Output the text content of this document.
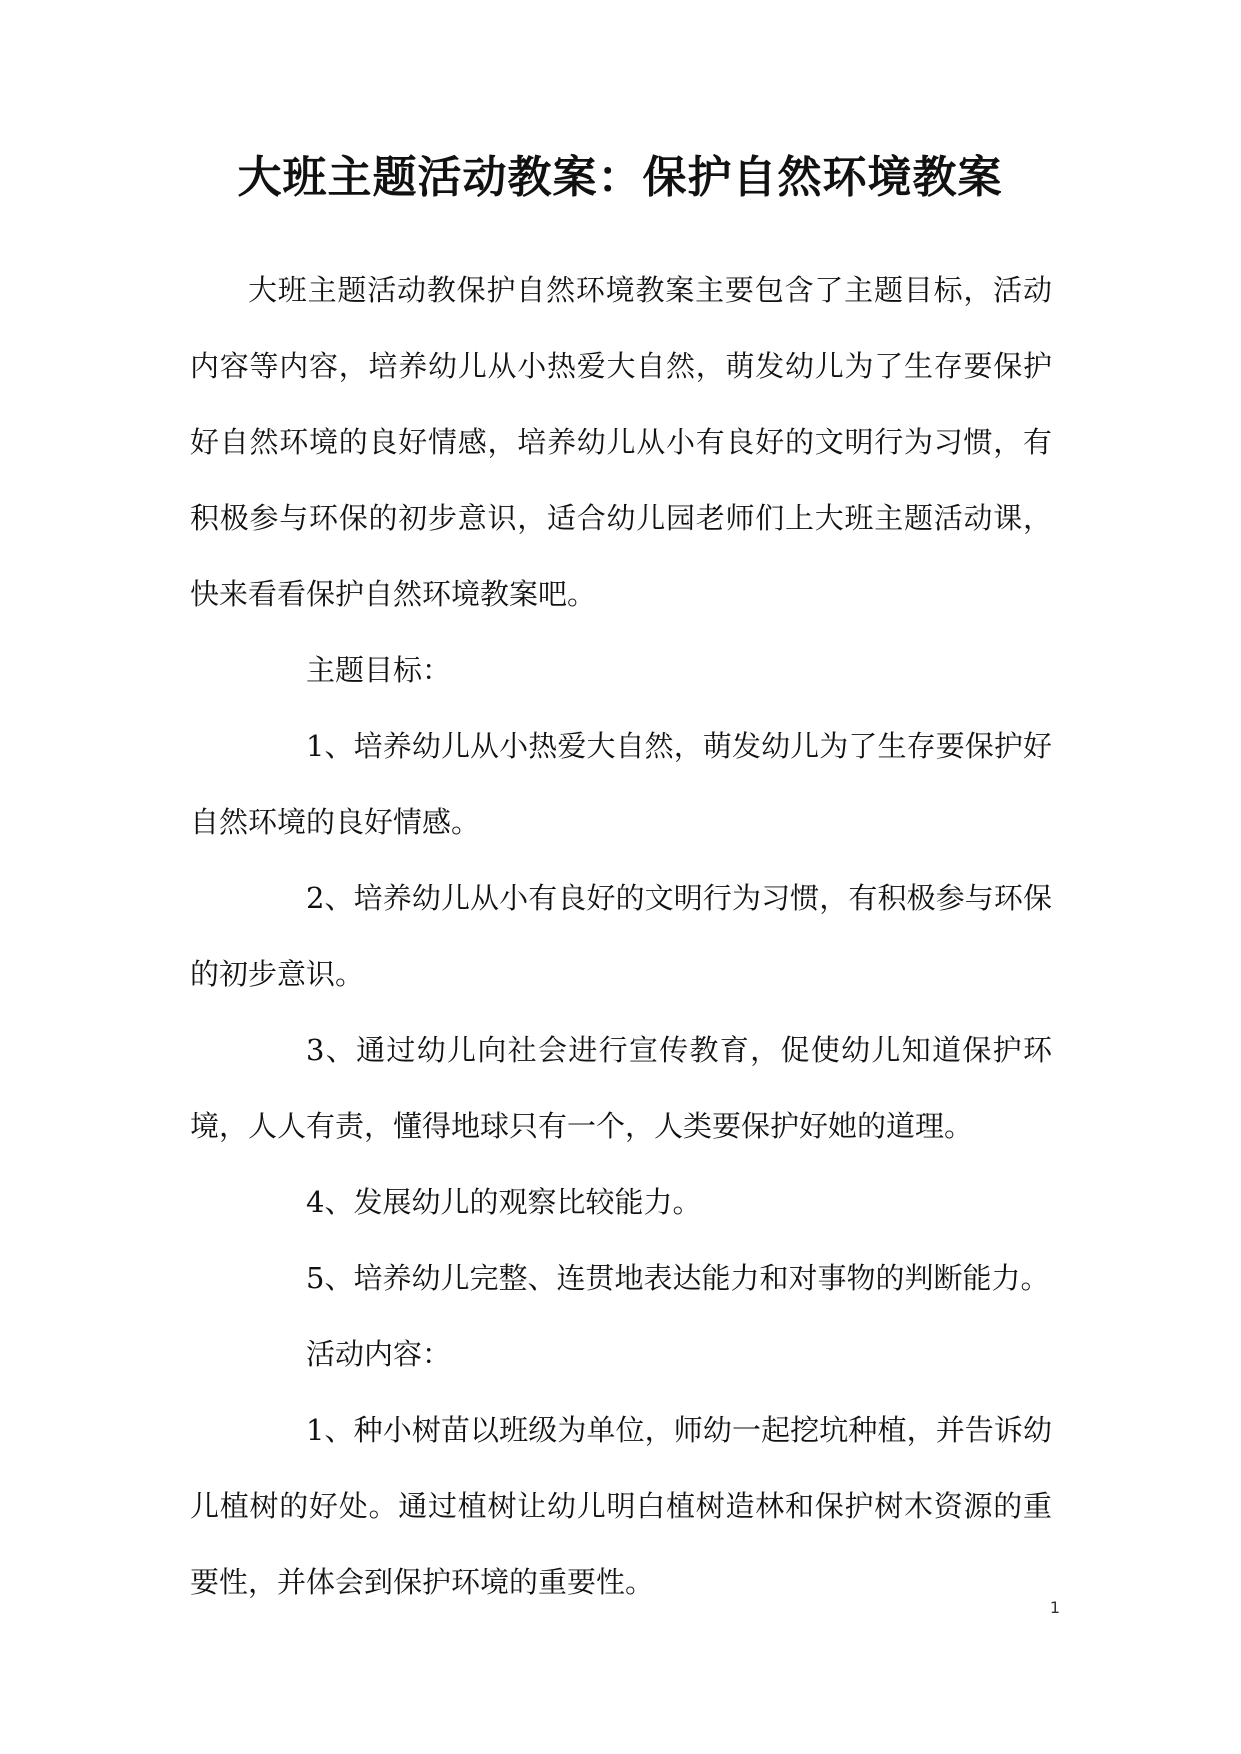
大班主题活动教案：保护自然环境教案

大班主题活动教保护自然环境教案主要包含了主题目标，活动内容等内容，培养幼儿从小热爱大自然，萌发幼儿为了生存要保护好自然环境的良好情感，培养幼儿从小有良好的文明行为习惯，有积极参与环保的初步意识，适合幼儿园老师们上大班主题活动课，快来看看保护自然环境教案吧。

主题目标：

1、培养幼儿从小热爱大自然，萌发幼儿为了生存要保护好自然环境的良好情感。

2、培养幼儿从小有良好的文明行为习惯，有积极参与环保的初步意识。

3、通过幼儿向社会进行宣传教育，促使幼儿知道保护环境，人人有责，懂得地球只有一个，人类要保护好她的道理。

4、发展幼儿的观察比较能力。

5、培养幼儿完整、连贯地表达能力和对事物的判断能力。

活动内容：

1、种小树苗以班级为单位，师幼一起挖坑种植，并告诉幼儿植树的好处。通过植树让幼儿明白植树造林和保护树木资源的重要性，并体会到保护环境的重要性。

1
